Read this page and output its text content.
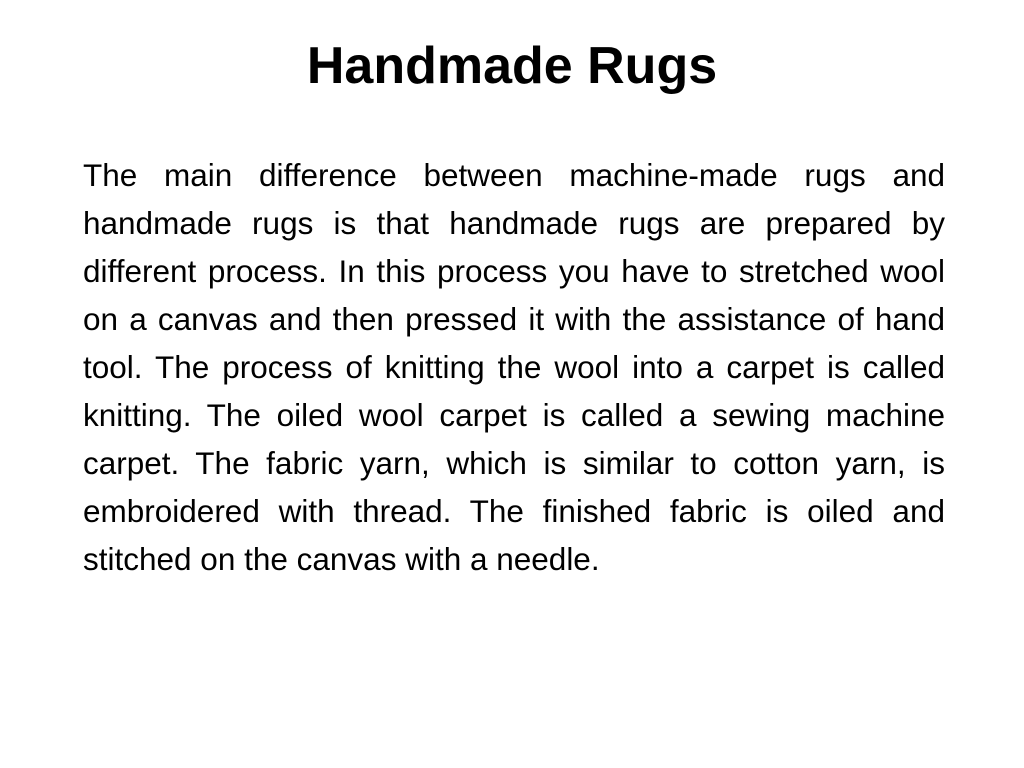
Handmade Rugs

The main difference between machine-made rugs and handmade rugs is that handmade rugs are prepared by different process. In this process you have to stretched wool on a canvas and then pressed it with the assistance of hand tool. The process of knitting the wool into a carpet is called knitting. The oiled wool carpet is called a sewing machine carpet. The fabric yarn, which is similar to cotton yarn, is embroidered with thread. The finished fabric is oiled and stitched on the canvas with a needle.
